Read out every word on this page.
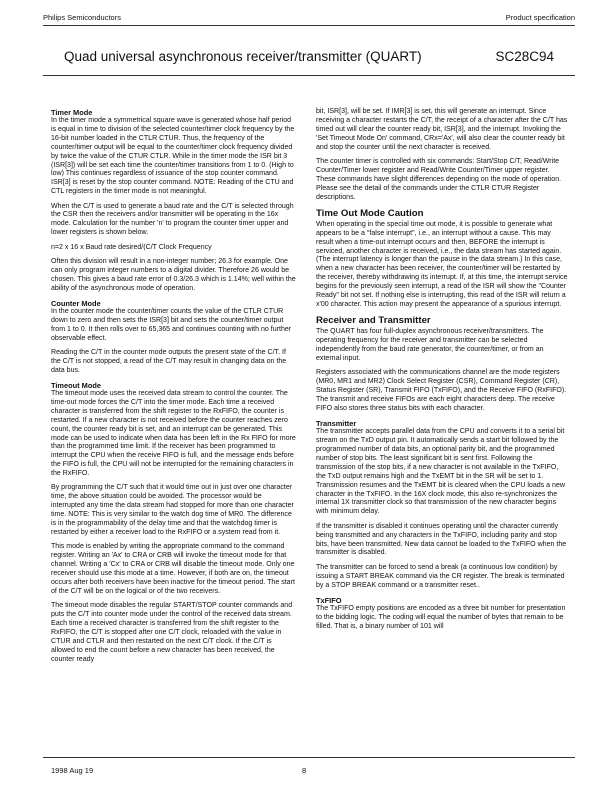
Philips Semiconductors	Product specification
Quad universal asynchronous receiver/transmitter (QUART)	SC28C94
Timer Mode

In the timer mode a symmetrical square wave is generated whose half period is equal in time to division of the selected counter/timer clock frequency by the 16-bit number loaded in the CTLR CTUR. Thus, the frequency of the counter/timer output will be equal to the counter/timer clock frequency divided by twice the value of the CTUR CTLR. While in the timer mode the ISR bit 3 (ISR[3]) will be set each time the counter/timer transitions from 1 to 0. (High to low) This continues regardless of issuance of the stop counter command. ISR[3] is reset by the stop counter command. NOTE: Reading of the CTU and CTL registers in the timer mode is not meaningful.

When the C/T is used to generate a baud rate and the C/T is selected through the CSR then the receivers and/or transmitter will be operating in the 16x mode. Calculation for the number 'n' to program the counter timer upper and lower registers is shown below.

n=2 x 16 x Baud rate desired/(C/T Clock Frequency

Often this division will result in a non-integer number; 26.3 for example. One can only program integer numbers to a digital divider. Therefore 26 would be chosen. This gives a baud rate error of 0.3/26.3 which is 1.14%; well within the ability of the asynchronous mode of operation.

Counter Mode

In the counter mode the counter/timer counts the value of the CTLR CTUR down to zero and then sets the ISR[3] bit and sets the counter/timer output from 1 to 0. It then rolls over to 65,365 and continues counting with no further observable effect.

Reading the C/T in the counter mode outputs the present state of the C/T. If the C/T is not stopped, a read of the C/T may result in changing data on the data bus.

Timeout Mode

The timeout mode uses the received data stream to control the counter. The time-out mode forces the C/T into the timer mode. Each time a received character is transferred from the shift register to the RxFIFO, the counter is restarted. If a new character is not received before the counter reaches zero count, the counter ready bit is set, and an interrupt can be generated. This mode can be used to indicate when data has been left in the Rx FIFO for more than the programmed time limit. If the receiver has been programmed to interrupt the CPU when the receive FIFO is full, and the message ends before the FIFO is full, the CPU will not be interrupted for the remaining characters in the RxFIFO.

By programming the C/T such that it would time out in just over one character time, the above situation could be avoided. The processor would be interrupted any time the data stream had stopped for more than one character time. NOTE: This is very similar to the watch dog time of MR0. The difference is in the programmability of the delay time and that the watchdog timer is restarted by either a receiver load to the RxFIFO or a system read from it.

This mode is enabled by writing the appropriate command to the command register. Writing an 'Ax' to CRA or CRB will invoke the timeout mode for that channel. Writing a 'Cx' to CRA or CRB will disable the timeout mode. Only one receiver should use this mode at a time. However, if both are on, the timeout occurs after both receivers have been inactive for the timeout period. The start of the C/T will be on the logical or of the two receivers.

The timeout mode disables the regular START/STOP counter commands and puts the C/T into counter mode under the control of the received data stream. Each time a received character is transferred from the shift register to the RxFIFO, the C/T is stopped after one C/T clock, reloaded with the value in CTUR and CTLR and then restarted on the next C/T clock. If the C/T is allowed to end the count before a new character has been received, the counter ready

bit, ISR[3], will be set. If IMR[3] is set, this will generate an interrupt. Since receiving a character restarts the C/T, the receipt of a character after the C/T has timed out will clear the counter ready bit, ISR[3], and the interrupt. Invoking the 'Set Timeout Mode On' command, CRx='Ax', will also clear the counter ready bit and stop the counter until the next character is received.

The counter timer is controlled with six commands: Start/Stop C/T, Read/Write Counter/Timer lower register and Read/Write Counter/Timer upper register. These commands have slight differences depending on the mode of operation. Please see the detail of the commands under the CTLR CTUR Register descriptions.

Time Out Mode Caution

When operating in the special time out mode, it is possible to generate what appears to be a "false interrupt", i.e., an interrupt without a cause. This may result when a time-out interrupt occurs and then, BEFORE the interrupt is serviced, another character is received, i.e., the data stream has started again. (The interrupt latency is longer than the pause in the data stream.) In this case, when a new character has been receiver, the counter/timer will be restarted by the receiver, thereby withdrawing its interrupt. If, at this time, the interrupt service begins for the previously seen interrupt, a read of the ISR will show the "Counter Ready" bit not set. If nothing else is interrupting, this read of the ISR will return a x'00 character. This action may present the appearance of a spurious interrupt.

Receiver and Transmitter

The QUART has four full-duplex asynchronous receiver/transmitters. The operating frequency for the receiver and transmitter can be selected independently from the baud rate generator, the counter/timer, or from an external input.

Registers associated with the communications channel are the mode registers (MR0, MR1 and MR2) Clock Select Register (CSR), Command Register (CR), Status Register (SR), Transmit FIFO (TxFIFO), and the Receive FIFO (RxFIFO). The transmit and receive FIFOs are each eight characters deep. The receive FIFO also stores three status bits with each character.

Transmitter

The transmitter accepts parallel data from the CPU and converts it to a serial bit stream on the TxD output pin. It automatically sends a start bit followed by the programmed number of data bits, an optional parity bit, and the programmed number of stop bits. The least significant bit is sent first. Following the transmission of the stop bits, if a new character is not available in the TxFIFO, the TxD output remains high and the TxEMT bit in the SR will be set to 1. Transmission resumes and the TxEMT bit is cleared when the CPU loads a new character in the TxFIFO. In the 16X clock mode, this also re-synchronizes the internal 1X transmitter clock so that transmission of the new character begins with minimum delay.

If the transmitter is disabled it continues operating until the character currently being transmitted and any characters in the TxFIFO, including parity and stop bits, have been transmitted. New data cannot be loaded to the TxFIFO when the transmitter is disabled.

The transmitter can be forced to send a break (a continuous low condition) by issuing a START BREAK command via the CR register. The break is terminated by a STOP BREAK command or a transmitter reset..

TxFIFO

The TxFIFO empty positions are encoded as a three bit number for presentation to the bidding logic. The coding will equal the number of bytes that remain to be filled. That is, a binary number of 101 will

1998 Aug 19	8
